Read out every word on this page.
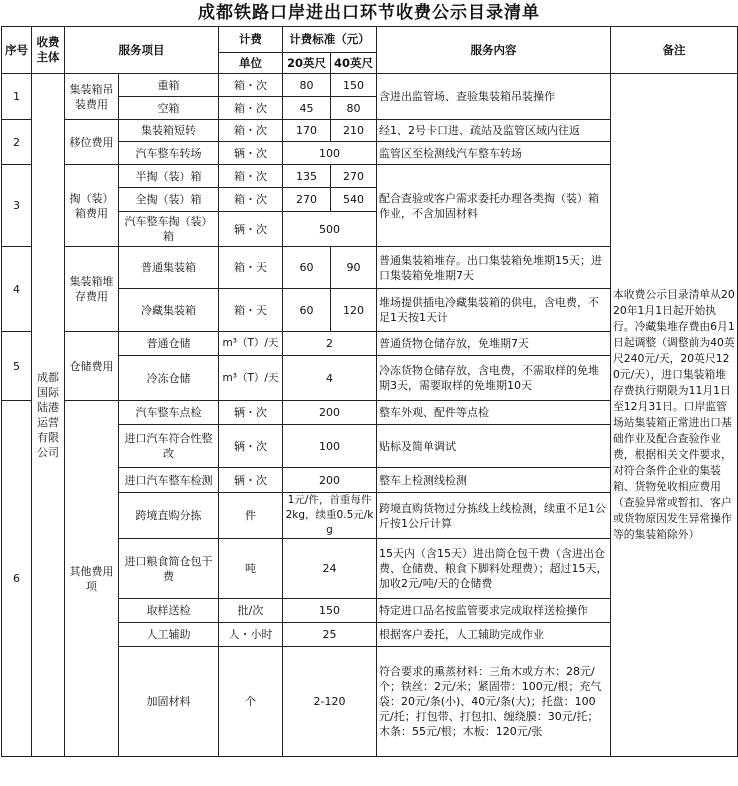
成都铁路口岸进出口环节收费公示目录清单
序号	收费主体	服务项目		计费	计费标准（元）		服务内容	备注
				单位	20英尺	40英尺		
1	成都国际陆港运营有限公司	集装箱吊装费用	重箱	箱・次	80	150	含进出监管场、查验集装箱吊装操作	本收费公示目录清单从2020年1月1日起开始执行。冷藏集堆存费由6月1日起调整（调整前为40英尺240元/天，20英尺120元/天），进口集装箱堆存费执行期限为11月1日至12月31日。口岸监管场站集装箱正常进出口基础作业及配合查验作业费，根据相关文件要求，对符合条件企业的集装箱、货物免收相应费用（查验异常或暂扣、客户或货物原因发生异常操作等的集装箱除外）
			空箱	箱・次	45	80		
2		移位费用	集装箱短转	箱・次	170	210	经1、2号卡口进、疏站及监管区域内往返	
			汽车整车转场	辆・次	100		监管区至检测线汽车整车转场	
3		掏（装）箱费用	半掏（装）箱	箱・次	135	270	配合查验或客户需求委托办理各类掏（装）箱作业，不含加固材料	
			全掏（装）箱	箱・次	270	540		
			汽车整车掏（装）箱	辆・次	500			
4		集装箱堆存费用	普通集装箱	箱・天	60	90	普通集装箱堆存。出口集装箱免堆期15天；进口集装箱免堆期7天	
			冷藏集装箱	箱・天	60	120	堆场提供插电冷藏集装箱的供电，含电费，不足1天按1天计	
5		仓储费用	普通仓储	m³（T）/天	2		普通货物仓储存放，免堆期7天	
			冷冻仓储	m³（T）/天	4		冷冻货物仓储存放，含电费，不需取样的免堆期3天，需要取样的免堆期10天	
6		其他费用项	汽车整车点检	辆・次	200		整车外观、配件等点检	
			进口汽车符合性整改	辆・次	100		贴标及简单调试	
			进口汽车整车检测	辆・次	200		整车上检测线检测	
			跨境直购分拣	件	1元/件，首重每件2kg，续重0.5元/kg		跨境直购货物过分拣线上线检测，续重不足1公斤按1公斤计算	
			进口粮食简仓包干费	吨	24		15天内（含15天）进出筒仓包干费（含进出仓费、仓储费、粮食下脚料处理费）；超过15天，加收2元/吨/天的仓储费	
			取样送检	批/次	150		特定进口品名按监管要求完成取样送检操作	
			人工辅助	人・小时	25		根据客户委托，人工辅助完成作业	
			加固材料	个	2-120		符合要求的熏蒸材料：三角木或方木：28元/个；铁丝：2元/米；紧固带：100元/根；充气袋：20元/条(小)、40元/条(大)；托盘：100元/托；打包带、打包扣、缠绕膜：30元/托；木条：55元/根；木板：120元/张	
